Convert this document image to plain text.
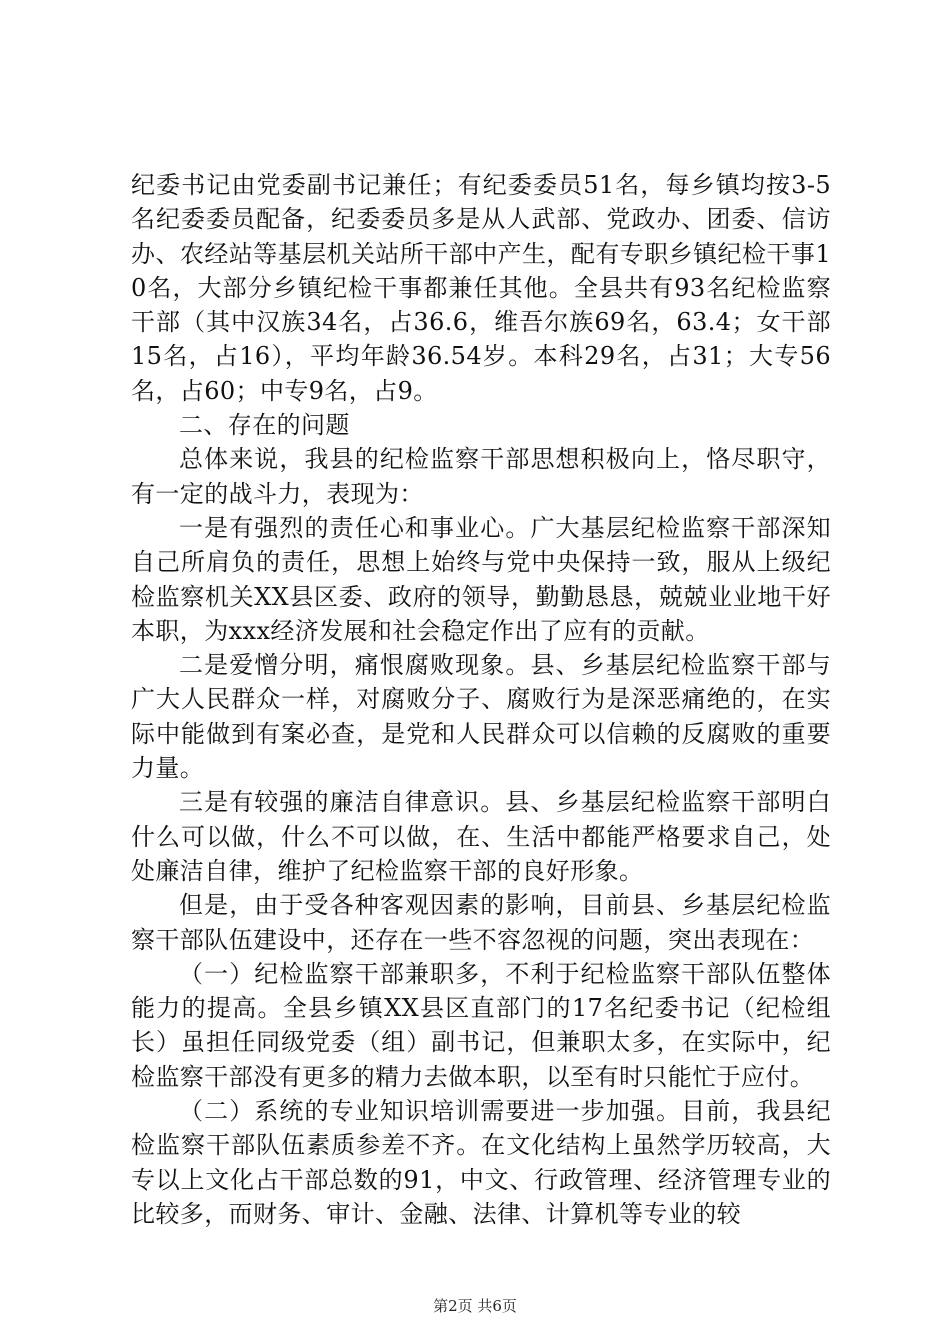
纪委书记由党委副书记兼任；有纪委委员51名，每乡镇均按3-5名纪委委员配备，纪委委员多是从人武部、党政办、团委、信访办、农经站等基层机关站所干部中产生，配有专职乡镇纪检干事10名，大部分乡镇纪检干事都兼任其他。全县共有93名纪检监察干部（其中汉族34名，占36.6，维吾尔族69名，63.4；女干部15名，占16），平均年龄36.54岁。本科29名，占31；大专56名，占60；中专9名，占9。

二、存在的问题

总体来说，我县的纪检监察干部思想积极向上，恪尽职守，有一定的战斗力，表现为：

一是有强烈的责任心和事业心。广大基层纪检监察干部深知自己所肩负的责任，思想上始终与党中央保持一致，服从上级纪检监察机关XX县区委、政府的领导，勤勤恳恳，兢兢业业地干好本职，为xxx经济发展和社会稳定作出了应有的贡献。

二是爱憎分明，痛恨腐败现象。县、乡基层纪检监察干部与广大人民群众一样，对腐败分子、腐败行为是深恶痛绝的，在实际中能做到有案必查，是党和人民群众可以信赖的反腐败的重要力量。

三是有较强的廉洁自律意识。县、乡基层纪检监察干部明白什么可以做，什么不可以做，在、生活中都能严格要求自己，处处廉洁自律，维护了纪检监察干部的良好形象。

但是，由于受各种客观因素的影响，目前县、乡基层纪检监察干部队伍建设中，还存在一些不容忽视的问题，突出表现在：

（一）纪检监察干部兼职多，不利于纪检监察干部队伍整体能力的提高。全县乡镇XX县区直部门的17名纪委书记（纪检组长）虽担任同级党委（组）副书记，但兼职太多，在实际中，纪检监察干部没有更多的精力去做本职，以至有时只能忙于应付。

（二）系统的专业知识培训需要进一步加强。目前，我县纪检监察干部队伍素质参差不齐。在文化结构上虽然学历较高，大专以上文化占干部总数的91，中文、行政管理、经济管理专业的比较多，而财务、审计、金融、法律、计算机等专业的较

第2页 共6页
